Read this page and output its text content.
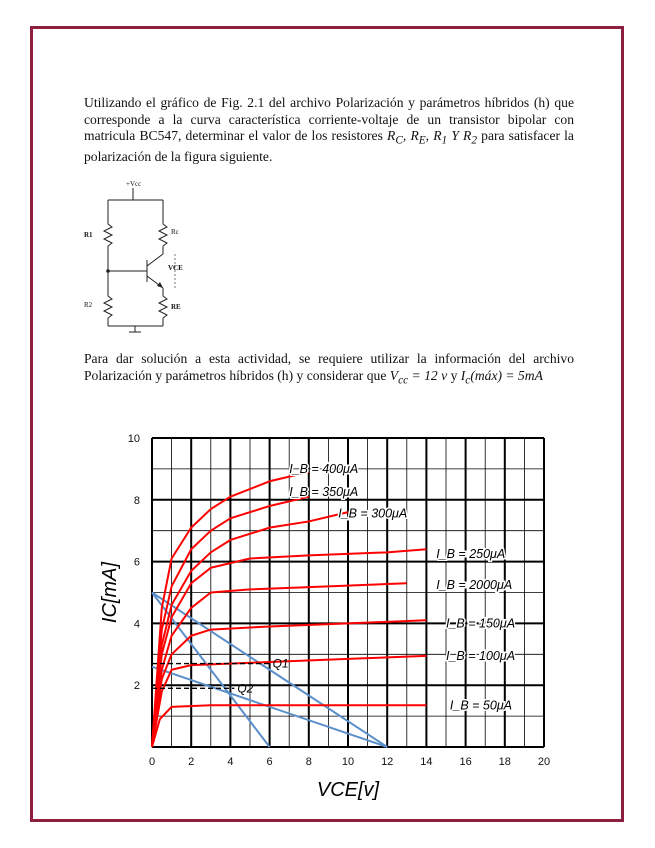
Utilizando el gráfico de Fig. 2.1 del archivo Polarización y parámetros híbridos (h) que corresponde a la curva característica corriente-voltaje de un transistor bipolar con matricula BC547, determinar el valor de los resistores $R_C$, $R_E$, $R_1$ Y $R_2$ para satisfacer la polarización de la figura siguiente.

+Vcc
R1
R2
Rc
RE
VCE

Para dar solución a esta actividad, se requiere utilizar la información del archivo Polarización y parámetros híbridos (h) y considerar que $V_{cc} = 12$ v y $I_c(máx) = 5mA$

Q1
Q2
I_B = 400μA
I_B = 350μA
I_B = 300μA
I_B = 250μA
I_B = 2000μA
I_B = 150μA
I_B = 100μA
I_B = 50μA
0	2	4	6	8	10 12 14 16 18 20
2
4
6
8
10
VCE[v]
IC[mA]
